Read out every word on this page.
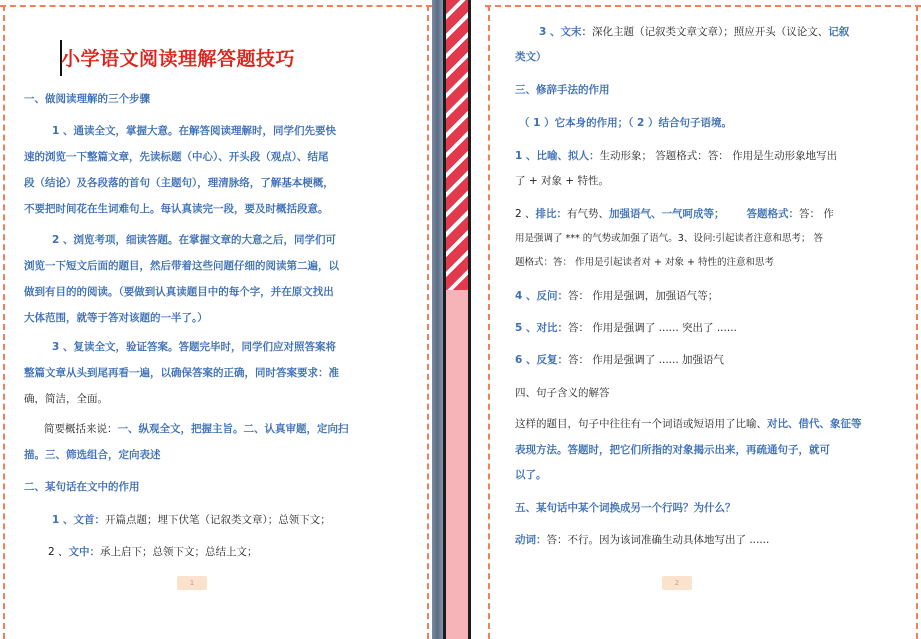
小学语文阅读理解答题技巧
一、做阅读理解的三个步骤
1 、通读全文，掌握大意。在解答阅读理解时，同学们先要快
速的浏览一下整篇文章，先读标题（中心）、开头段（观点）、结尾
段（结论）及各段落的首句（主题句），理清脉络，了解基本梗概，
不要把时间花在生词难句上。每认真读完一段，要及时概括段意。
2 、浏览考项，细读答题。在掌握文章的大意之后，同学们可
浏览一下短文后面的题目，然后带着这些问题仔细的阅读第二遍，以
做到有目的的阅读。（要做到认真读题目中的每个字，并在原文找出
大体范围，就等于答对该题的一半了。）
3 、复读全文，验证答案。答题完毕时，同学们应对照答案将
整篇文章从头到尾再看一遍，以确保答案的正确，同时答案要求：准
确，简洁，全面。
简要概括来说：一、纵观全文，把握主旨。二、认真审题，定向扫
描。三、筛选组合，定向表述
二、某句话在文中的作用
1 、文首：开篇点题；埋下伏笔（记叙类文章）；总领下文；
2 、文中：承上启下；总领下文；总结上文；
1
3 、文末：深化主题（记叙类文章文章）；照应开头（议论文、记叙
类文）
三、修辞手法的作用
（ 1 ）它本身的作用；（ 2 ）结合句子语境。
1 、比喻、拟人：生动形象； 答题格式：答： 作用是生动形象地写出
了 + 对象 + 特性。
2 、排比：有气势、加强语气、一气呵成等； 答题格式：答： 作
用是强调了 *** 的气势或加强了语气。3、设问:引起读者注意和思考； 答
题格式：答： 作用是引起读者对 + 对象 + 特性的注意和思考
4 、反问：答： 作用是强调，加强语气等；
5 、对比：答： 作用是强调了 ...... 突出了 ......
6 、反复：答： 作用是强调了 ...... 加强语气
四、句子含义的解答
这样的题目，句子中往往有一个词语或短语用了比喻、对比、借代、象征等
表现方法。答题时，把它们所指的对象揭示出来，再疏通句子，就可
以了。
五、某句话中某个词换成另一个行吗？为什么？
动词：答：不行。因为该词准确生动具体地写出了 ......
2
